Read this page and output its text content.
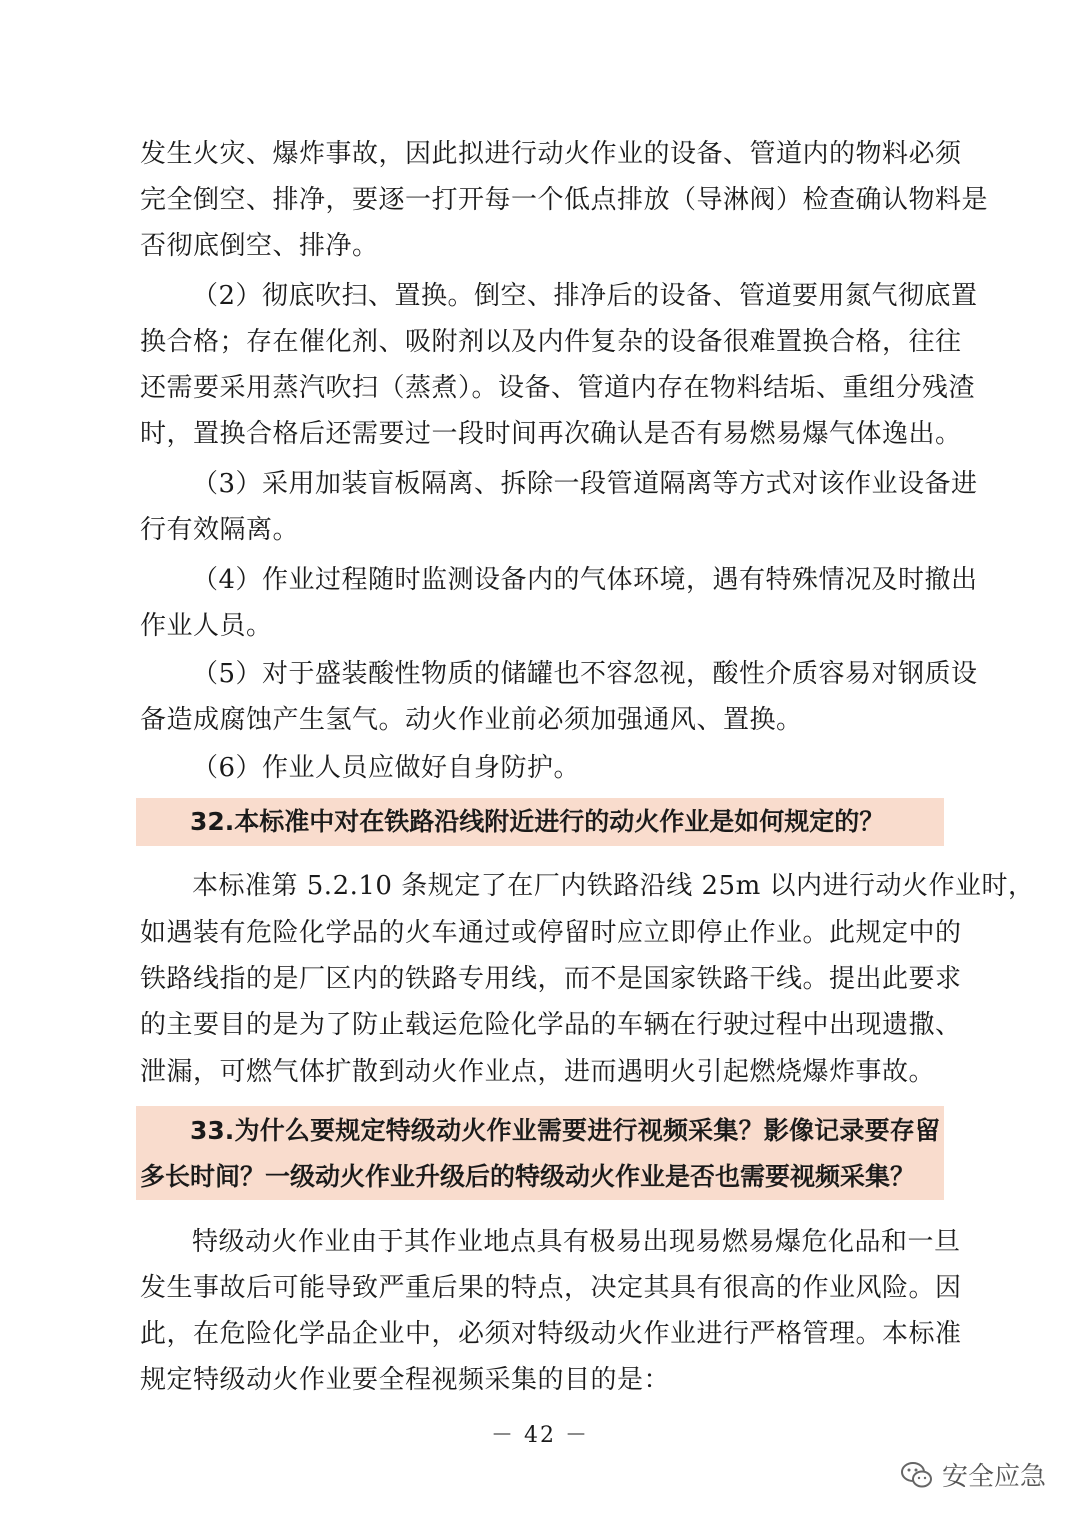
发生火灾、爆炸事故，因此拟进行动火作业的设备、管道内的物料必须
完全倒空、排净，要逐一打开每一个低点排放（导淋阀）检查确认物料是
否彻底倒空、排净。
（2）彻底吹扫、置换。倒空、排净后的设备、管道要用氮气彻底置
换合格；存在催化剂、吸附剂以及内件复杂的设备很难置换合格，往往
还需要采用蒸汽吹扫（蒸煮）。设备、管道内存在物料结垢、重组分残渣
时，置换合格后还需要过一段时间再次确认是否有易燃易爆气体逸出。
（3）采用加装盲板隔离、拆除一段管道隔离等方式对该作业设备进
行有效隔离。
（4）作业过程随时监测设备内的气体环境，遇有特殊情况及时撤出
作业人员。
（5）对于盛装酸性物质的储罐也不容忽视，酸性介质容易对钢质设
备造成腐蚀产生氢气。动火作业前必须加强通风、置换。
（6）作业人员应做好自身防护。
32.本标准中对在铁路沿线附近进行的动火作业是如何规定的？
本标准第 5.2.10 条规定了在厂内铁路沿线 25m 以内进行动火作业时，
如遇装有危险化学品的火车通过或停留时应立即停止作业。此规定中的
铁路线指的是厂区内的铁路专用线，而不是国家铁路干线。提出此要求
的主要目的是为了防止载运危险化学品的车辆在行驶过程中出现遗撒、
泄漏，可燃气体扩散到动火作业点，进而遇明火引起燃烧爆炸事故。
33.为什么要规定特级动火作业需要进行视频采集？影像记录要存留
多长时间？一级动火作业升级后的特级动火作业是否也需要视频采集？
特级动火作业由于其作业地点具有极易出现易燃易爆危化品和一旦
发生事故后可能导致严重后果的特点，决定其具有很高的作业风险。因
此，在危险化学品企业中，必须对特级动火作业进行严格管理。本标准
规定特级动火作业要全程视频采集的目的是：
－ 42 －
安全应急
